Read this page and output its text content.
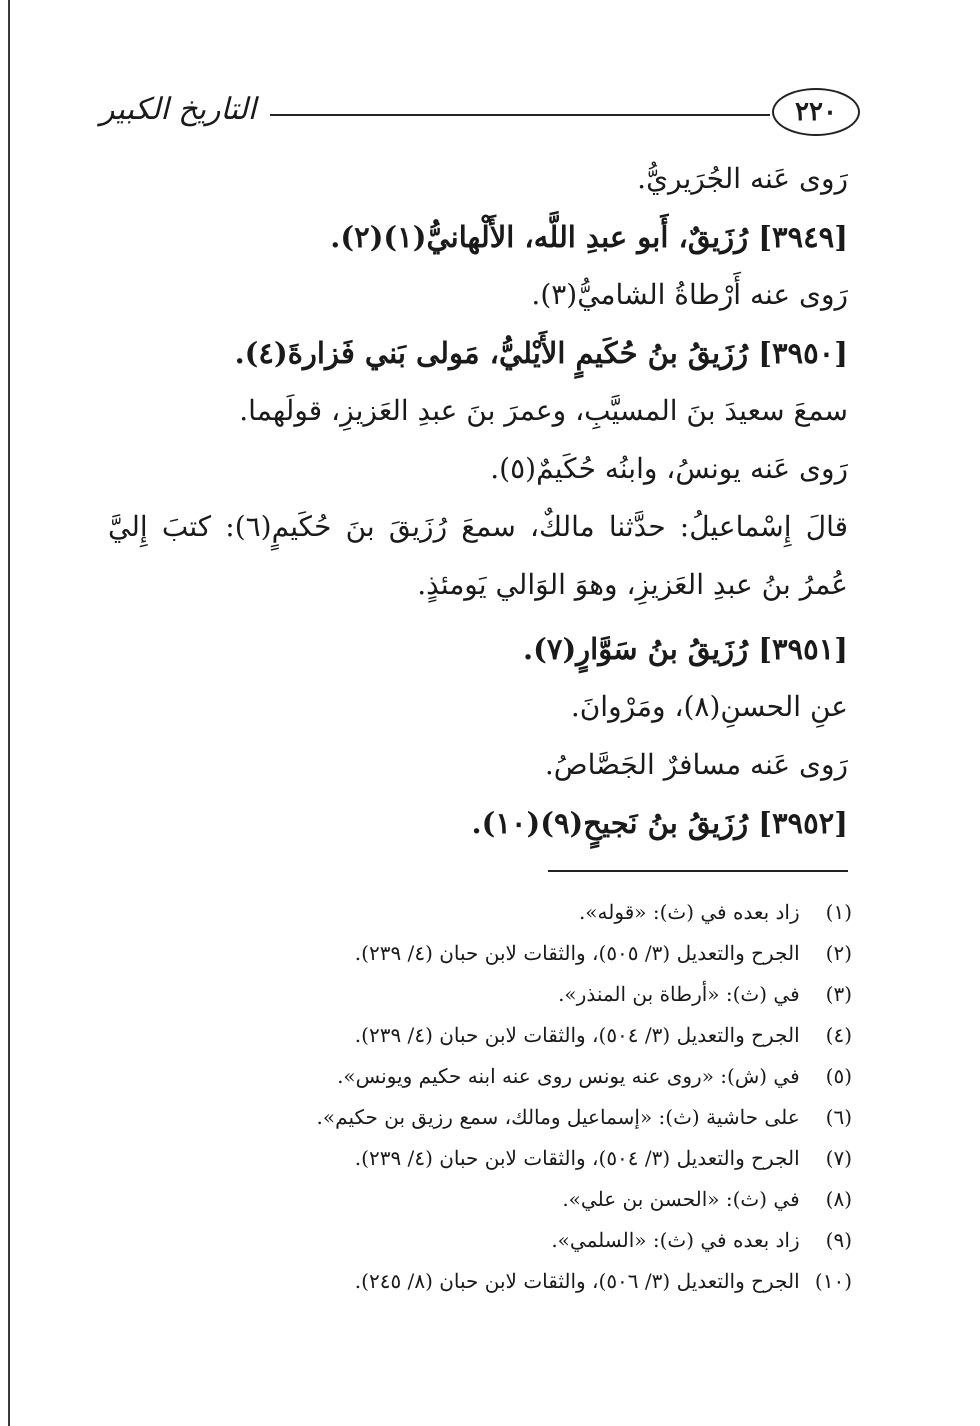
التاريخ الكبير	٢٢٠

رَوى عَنه الجُرَيريُّ.

[٣٩٤٩] رُزَيقٌ، أَبو عبدِ اللَّه، الأَلْهانيُّ(١)(٢).

رَوى عنه أَرْطاةُ الشاميُّ(٣).

[٣٩٥٠] رُزَيقُ بنُ حُكَيمٍ الأَيْليُّ، مَولى بَني فَزارةَ(٤).

سمعَ سعيدَ بنَ المسيَّبِ، وعمرَ بنَ عبدِ العَزيزِ، قولَهما.

رَوى عَنه يونسُ، وابنُه حُكَيمٌ(٥).

قالَ إِسْماعيلُ: حدَّثنا مالكٌ، سمعَ رُزَيقَ بنَ حُكَيمٍ(٦): كتبَ إِليَّ عُمرُ بنُ عبدِ العَزيزِ، وهوَ الوَالي يَومئذٍ.

[٣٩٥١] رُزَيقُ بنُ سَوَّارٍ(٧).

عنِ الحسنِ(٨)، ومَرْوانَ.

رَوى عَنه مسافرٌ الجَصَّاصُ.

[٣٩٥٢] رُزَيقُ بنُ نَجيحٍ(٩)(١٠).

(١) زاد بعده في (ث): «قوله».
(٢) الجرح والتعديل (٣/ ٥٠٥)، والثقات لابن حبان (٤/ ٢٣٩).
(٣) في (ث): «أرطاة بن المنذر».
(٤) الجرح والتعديل (٣/ ٥٠٤)، والثقات لابن حبان (٤/ ٢٣٩).
(٥) في (ش): «روى عنه يونس روى عنه ابنه حكيم ويونس».
(٦) على حاشية (ث): «إسماعيل ومالك، سمع رزيق بن حكيم».
(٧) الجرح والتعديل (٣/ ٥٠٤)، والثقات لابن حبان (٤/ ٢٣٩).
(٨) في (ث): «الحسن بن علي».
(٩) زاد بعده في (ث): «السلمي».
(١٠) الجرح والتعديل (٣/ ٥٠٦)، والثقات لابن حبان (٨/ ٢٤٥).
